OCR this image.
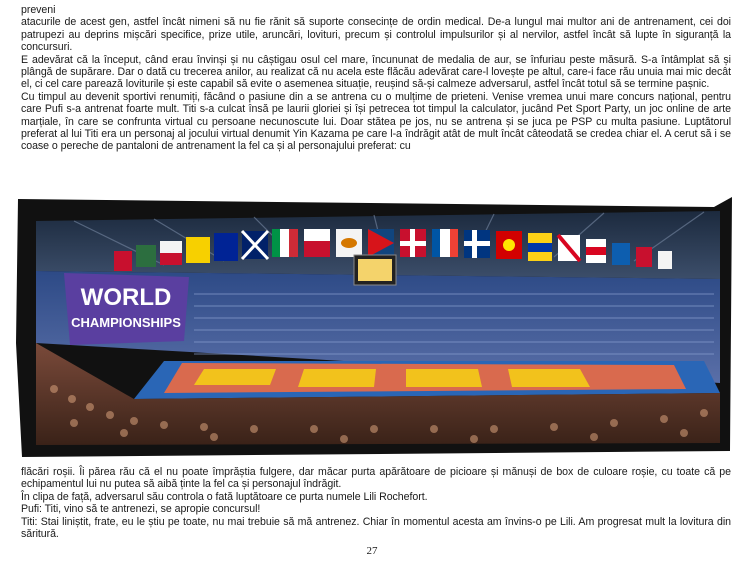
preveni

atacurile de acest gen, astfel încât nimeni să nu fie rănit să suporte consecințe de ordin medical. De-a lungul mai multor ani de antrenament, cei doi patrupezi au deprins mișcări specifice, prize utile, aruncări, lovituri, precum și controlul impulsurilor și al nervilor, astfel încât să lupte în siguranță la concursuri.

E adevărat că la început, când erau învinși și nu câștigau osul cel mare, încununat de medalia de aur, se înfuriau peste măsură. S-a întâmplat să și plângă de supărare. Dar o dată cu trecerea anilor, au realizat că nu acela este flăcău adevărat care-l lovește pe altul, care-i face rău unuia mai mic decât el, ci cel care parează loviturile și este capabil să evite o asemenea situație, reușind să-și calmeze adversarul, astfel încât totul să se termine pașnic.

Cu timpul au devenit sportivi renumiți, făcând o pasiune din a se antrena cu o mulțime de prieteni. Venise vremea unui mare concurs național, pentru care Pufi s-a antrenat foarte mult. Titi s-a culcat însă pe laurii gloriei și își petrecea tot timpul la calculator, jucând Pet Sport Party, un joc online de arte marțiale, în care se confrunta virtual cu persoane necunoscute lui. Doar stătea pe jos, nu se antrena și se juca pe PSP cu multa pasiune. Luptătorul preferat al lui Titi era un personaj al jocului virtual denumit Yin Kazama pe care l-a îndrăgit atât de mult încât câteodată se credea chiar el. A cerut să i se coase o pereche de pantaloni de antrenament la fel ca și al personajului preferat: cu

WORLD
CHAMPIONSHIPS

flăcări roșii. Îi părea rău că el nu poate împrăștia fulgere, dar măcar purta apărătoare de picioare și mănuși de box de culoare roșie, cu toate că pe echipamentul lui nu putea să aibă ținte la fel ca și personajul îndrăgit.

În clipa de față, adversarul său controla o fată luptătoare ce purta numele Lili Rochefort.

Pufi: Titi, vino să te antrenezi, se apropie concursul!

Titi: Stai liniștit, frate, eu le știu pe toate, nu mai trebuie să mă antrenez. Chiar în momentul acesta am învins-o pe Lili. Am progresat mult la lovitura din săritură.

27
